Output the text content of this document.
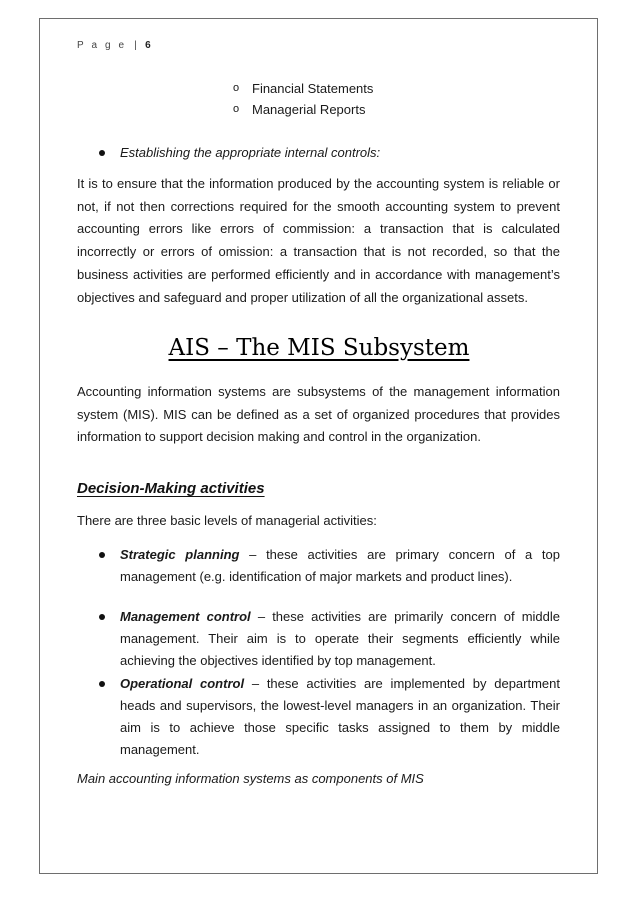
P a g e | 6
o Financial Statements
o Managerial Reports
Establishing the appropriate internal controls:
It is to ensure that the information produced by the accounting system is reliable or not, if not then corrections required for the smooth accounting system to prevent accounting errors like errors of commission: a transaction that is calculated incorrectly or errors of omission: a transaction that is not recorded, so that the business activities are performed efficiently and in accordance with management’s objectives and safeguard and proper utilization of all the organizational assets.
AIS – The MIS Subsystem
Accounting information systems are subsystems of the management information system (MIS). MIS can be defined as a set of organized procedures that provides information to support decision making and control in the organization.
Decision-Making activities
There are three basic levels of managerial activities:
Strategic planning – these activities are primary concern of a top management (e.g. identification of major markets and product lines).
Management control – these activities are primarily concern of middle management. Their aim is to operate their segments efficiently while achieving the objectives identified by top management.
Operational control – these activities are implemented by department heads and supervisors, the lowest-level managers in an organization. Their aim is to achieve those specific tasks assigned to them by middle management.
Main accounting information systems as components of MIS
